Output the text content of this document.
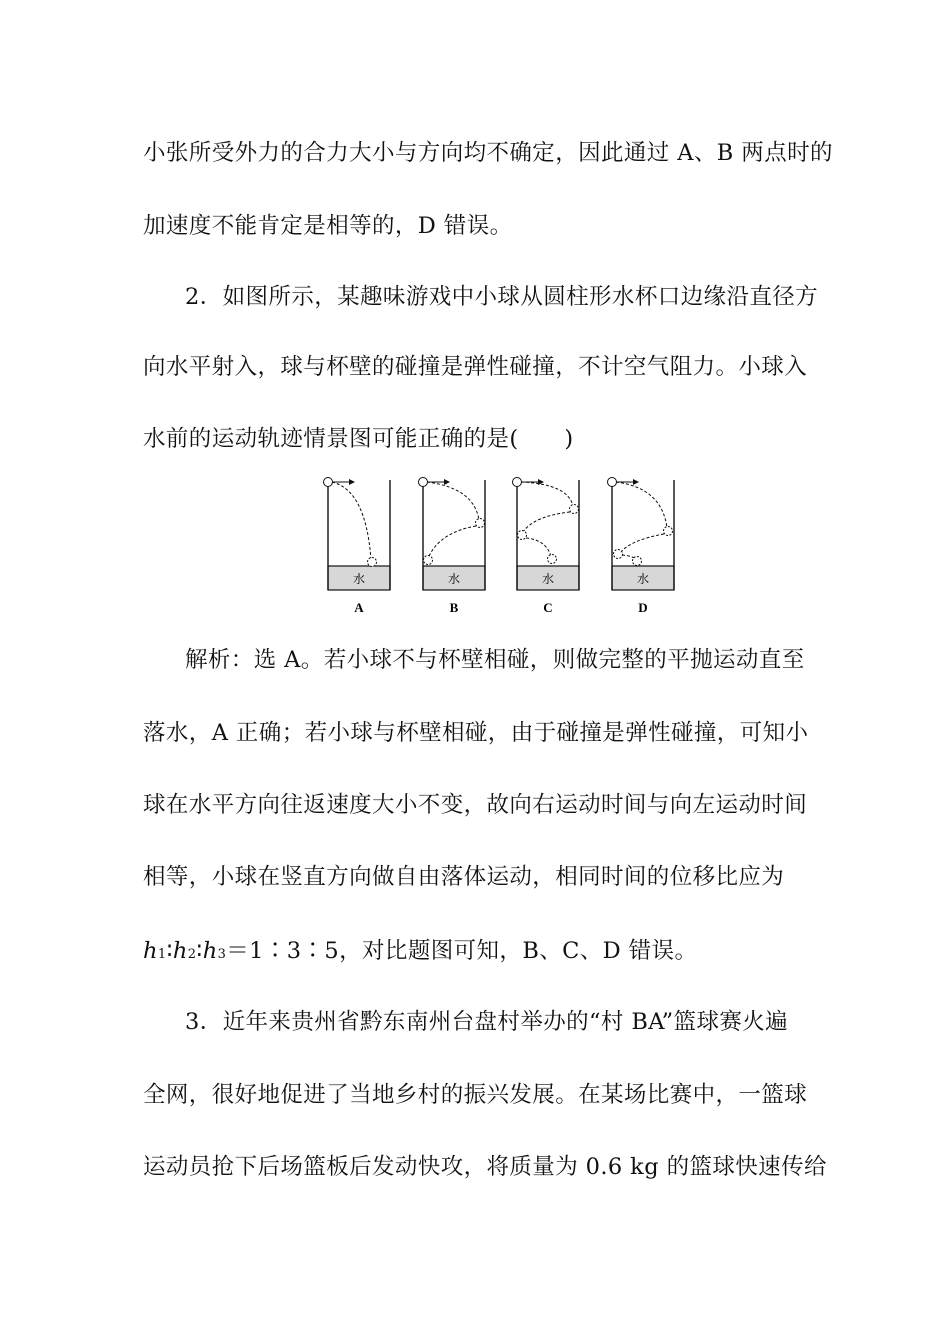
小张所受外力的合力大小与方向均不确定，因此通过 A、B 两点时的
加速度不能肯定是相等的，D 错误。
2．如图所示，某趣味游戏中小球从圆柱形水杯口边缘沿直径方
向水平射入，球与杯壁的碰撞是弹性碰撞，不计空气阻力。小球入
水前的运动轨迹情景图可能正确的是(　　)
水	水	水	水
A	B	C	D
解析：选 A。若小球不与杯壁相碰，则做完整的平抛运动直至
落水，A 正确；若小球与杯壁相碰，由于碰撞是弹性碰撞，可知小
球在水平方向往返速度大小不变，故向右运动时间与向左运动时间
相等，小球在竖直方向做自由落体运动，相同时间的位移比应为
h1∶h2∶h3＝1∶3∶5，对比题图可知，B、C、D 错误。
3．近年来贵州省黔东南州台盘村举办的“村 BA”篮球赛火遍
全网，很好地促进了当地乡村的振兴发展。在某场比赛中，一篮球
运动员抢下后场篮板后发动快攻，将质量为 0.6 kg 的篮球快速传给
